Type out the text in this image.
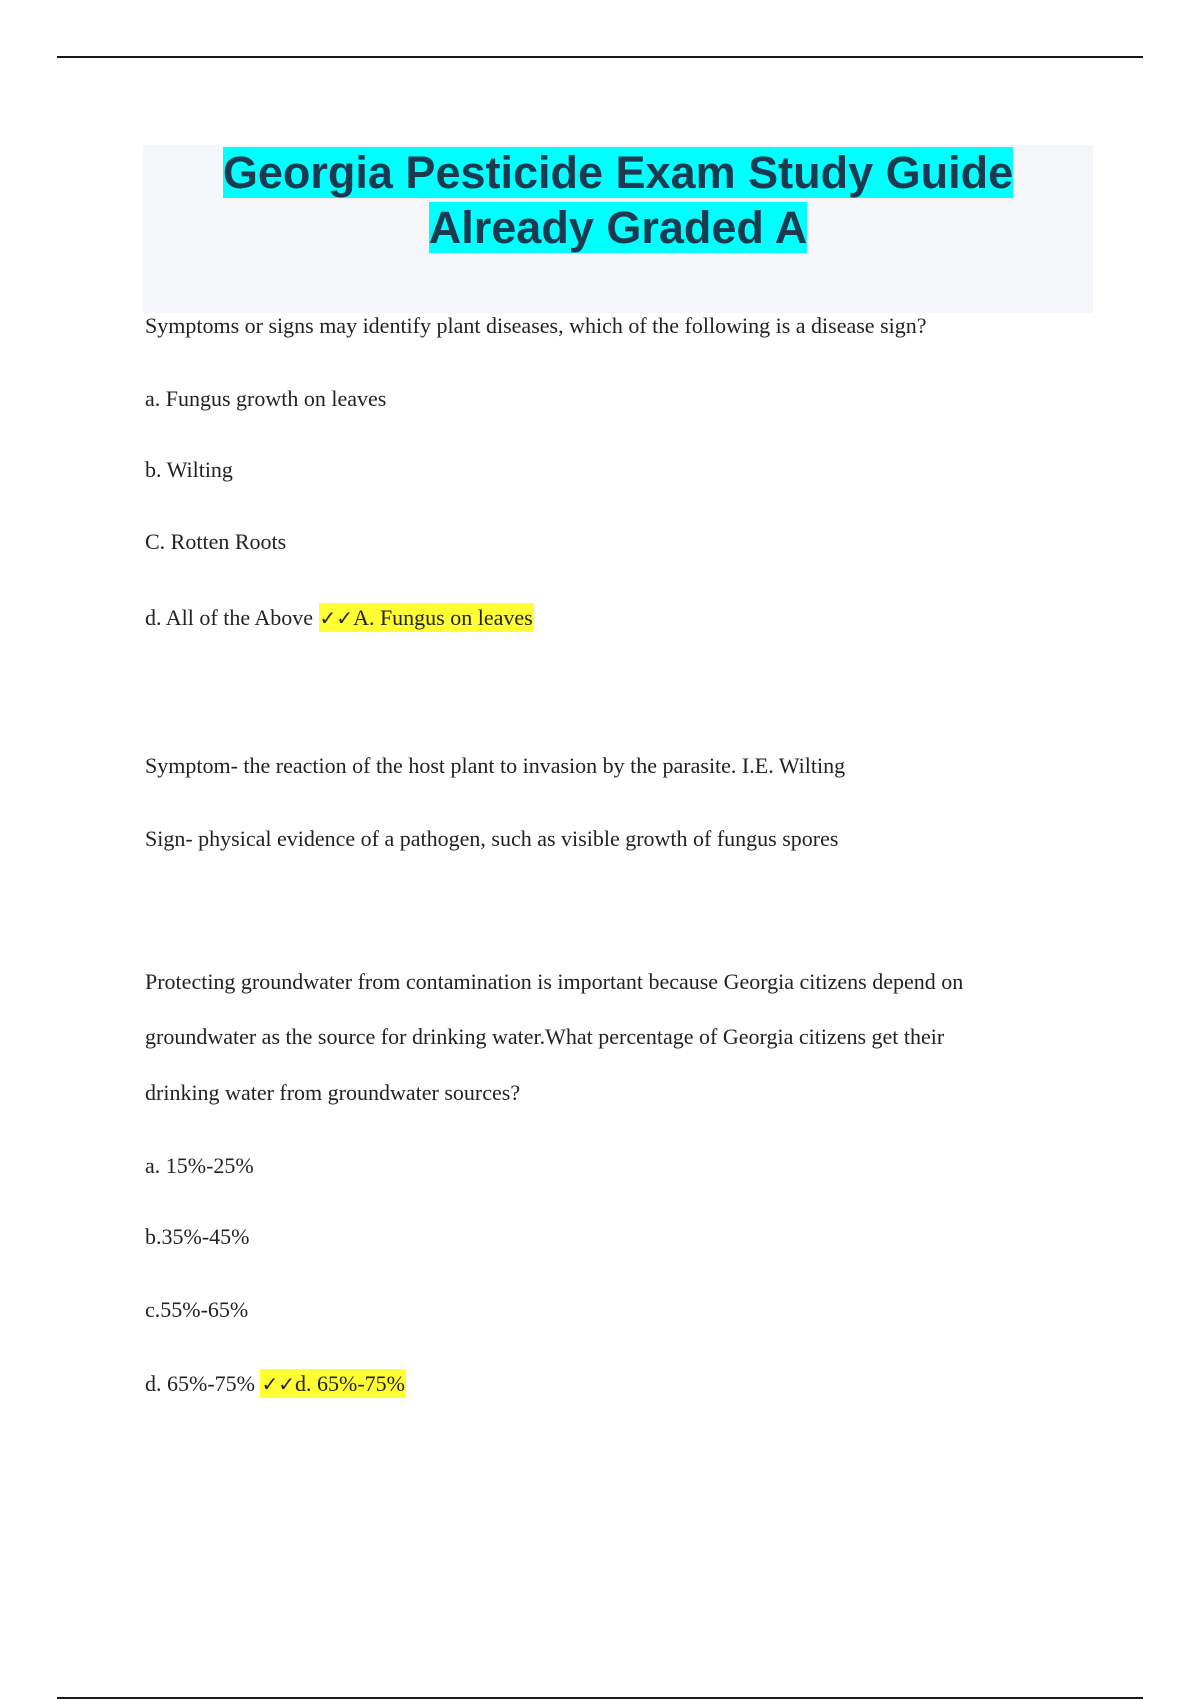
Georgia Pesticide Exam Study Guide
Already Graded A
Symptoms or signs may identify plant diseases, which of the following is a disease sign?
a. Fungus growth on leaves
b. Wilting
C. Rotten Roots
d. All of the Above ✓✓A. Fungus on leaves
Symptom- the reaction of the host plant to invasion by the parasite. I.E. Wilting
Sign- physical evidence of a pathogen, such as visible growth of fungus spores
Protecting groundwater from contamination is important because Georgia citizens depend on
groundwater as the source for drinking water.What percentage of Georgia citizens get their
drinking water from groundwater sources?
a. 15%-25%
b.35%-45%
c.55%-65%
d. 65%-75% ✓✓d. 65%-75%
